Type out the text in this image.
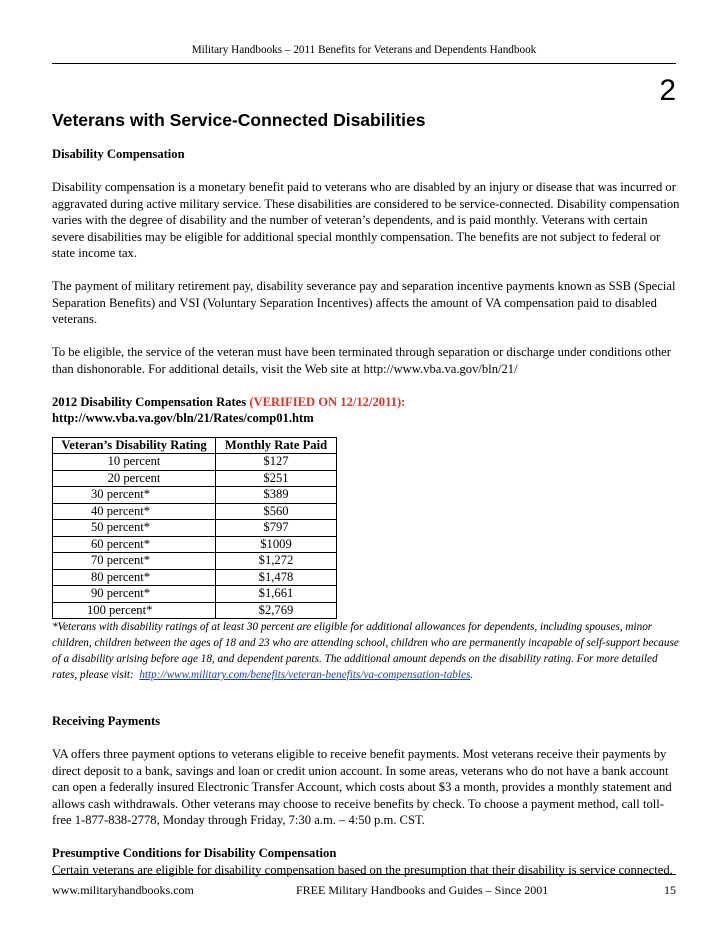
Military Handbooks – 2011 Benefits for Veterans and Dependents Handbook
2
Veterans with Service-Connected Disabilities

Disability Compensation

Disability compensation is a monetary benefit paid to veterans who are disabled by an injury or disease that was incurred or aggravated during active military service. These disabilities are considered to be service-connected. Disability compensation varies with the degree of disability and the number of veteran’s dependents, and is paid monthly. Veterans with certain severe disabilities may be eligible for additional special monthly compensation. The benefits are not subject to federal or state income tax.

The payment of military retirement pay, disability severance pay and separation incentive payments known as SSB (Special Separation Benefits) and VSI (Voluntary Separation Incentives) affects the amount of VA compensation paid to disabled veterans.

To be eligible, the service of the veteran must have been terminated through separation or discharge under conditions other than dishonorable. For additional details, visit the Web site at http://www.vba.va.gov/bln/21/

2012 Disability Compensation Rates (VERIFIED ON 12/12/2011):

http://www.vba.va.gov/bln/21/Rates/comp01.htm

Veteran’s Disability Rating	Monthly Rate Paid
10 percent	$127
20 percent	$251
30 percent*	$389
40 percent*	$560
50 percent*	$797
60 percent*	$1009
70 percent*	$1,272
80 percent*	$1,478
90 percent*	$1,661
100 percent*	$2,769

*Veterans with disability ratings of at least 30 percent are eligible for additional allowances for dependents, including spouses, minor children, children between the ages of 18 and 23 who are attending school, children who are permanently incapable of self-support because of a disability arising before age 18, and dependent parents. The additional amount depends on the disability rating. For more detailed rates, please visit: http://www.military.com/benefits/veteran-benefits/va-compensation-tables.

Receiving Payments

VA offers three payment options to veterans eligible to receive benefit payments. Most veterans receive their payments by direct deposit to a bank, savings and loan or credit union account. In some areas, veterans who do not have a bank account can open a federally insured Electronic Transfer Account, which costs about $3 a month, provides a monthly statement and allows cash withdrawals. Other veterans may choose to receive benefits by check. To choose a payment method, call toll-free 1-877-838-2778, Monday through Friday, 7:30 a.m. – 4:50 p.m. CST.

Presumptive Conditions for Disability Compensation

Certain veterans are eligible for disability compensation based on the presumption that their disability is service connected.

www.militaryhandbooks.com	FREE Military Handbooks and Guides – Since 2001	15
